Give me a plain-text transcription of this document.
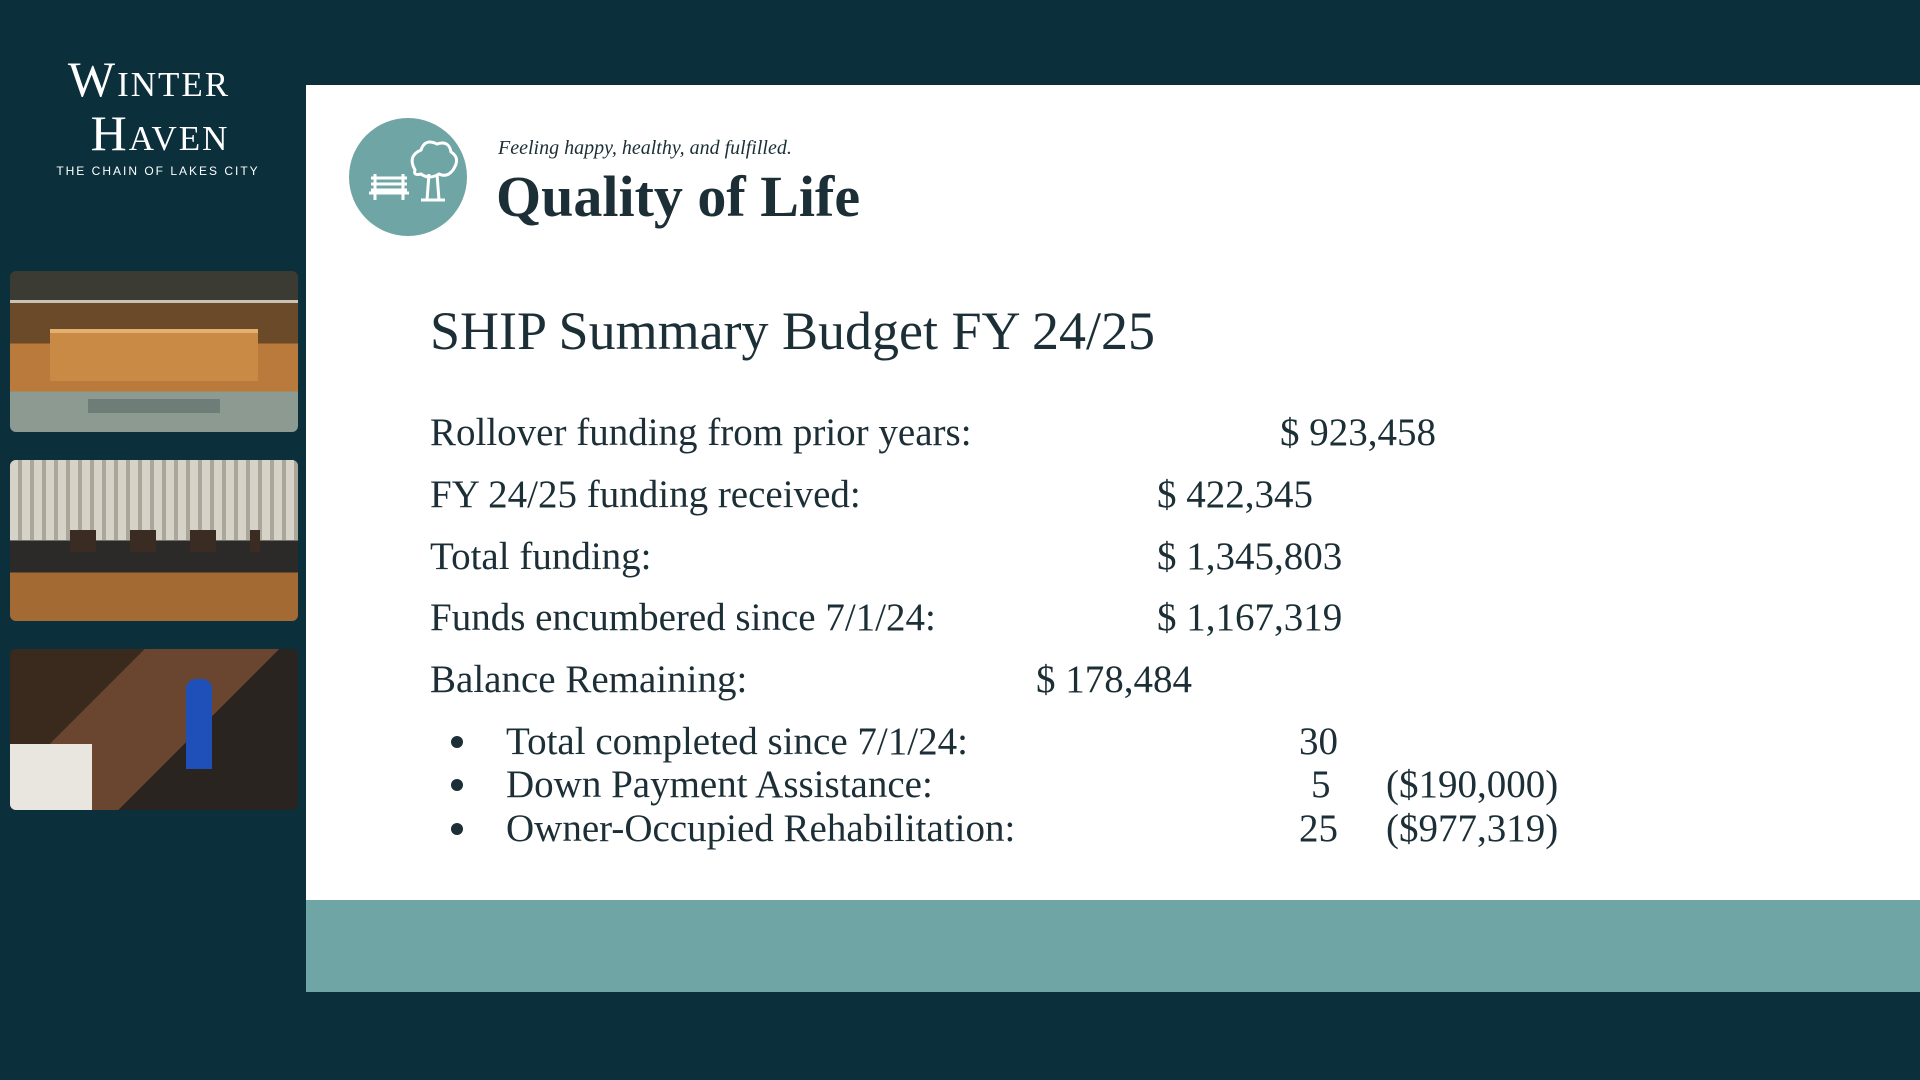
Winter
Haven
THE CHAIN OF LAKES CITY
Feeling happy, healthy, and fulfilled.
Quality of Life
SHIP Summary Budget FY 24/25
Rollover funding from prior years:	$ 923,458
FY 24/25 funding received:	$ 422,345
Total funding:	$ 1,345,803
Funds encumbered since 7/1/24:	$ 1,167,319
Balance Remaining:	$ 178,484
Total completed since 7/1/24:	30
Down Payment Assistance:	5 ($190,000)
Owner-Occupied Rehabilitation:	25 ($977,319)
